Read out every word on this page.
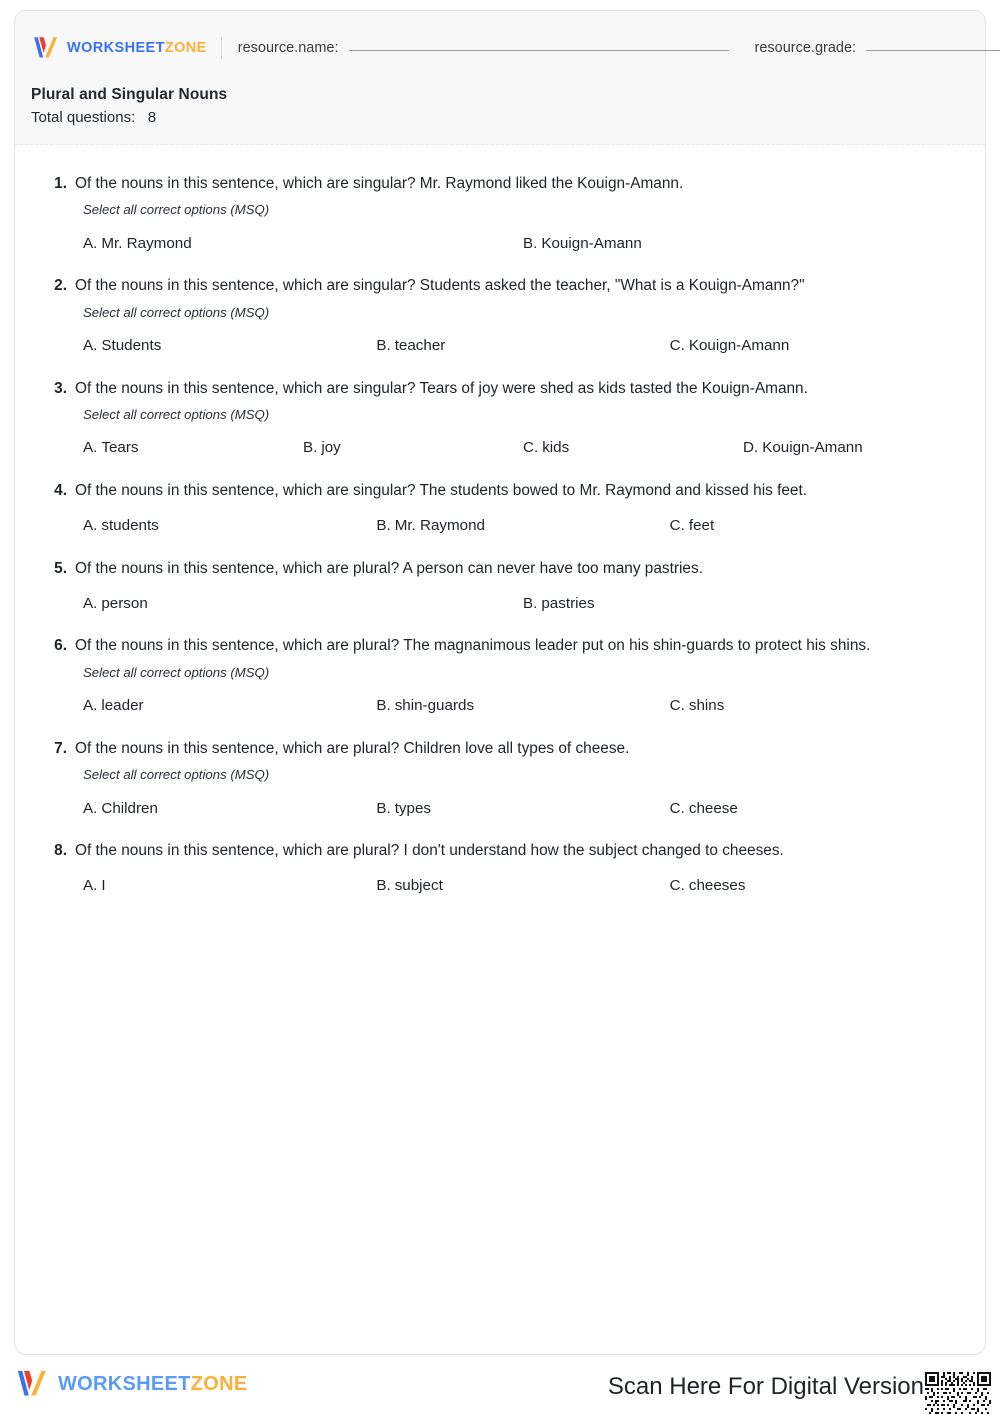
WORKSHEETZONE resource.name:	resource.grade:
Plural and Singular Nouns
Total questions:   8
1. Of the nouns in this sentence, which are singular? Mr. Raymond liked the Kouign-Amann.
Select all correct options (MSQ)
A. Mr. Raymond	B. Kouign-Amann
2. Of the nouns in this sentence, which are singular? Students asked the teacher, "What is a Kouign-Amann?"
Select all correct options (MSQ)
A. Students	B. teacher	C. Kouign-Amann
3. Of the nouns in this sentence, which are singular? Tears of joy were shed as kids tasted the Kouign-Amann.
Select all correct options (MSQ)
A. Tears	B. joy	C. kids	D. Kouign-Amann
4. Of the nouns in this sentence, which are singular? The students bowed to Mr. Raymond and kissed his feet.
A. students	B. Mr. Raymond	C. feet
5. Of the nouns in this sentence, which are plural? A person can never have too many pastries.
A. person	B. pastries
6. Of the nouns in this sentence, which are plural? The magnanimous leader put on his shin-guards to protect his shins.
Select all correct options (MSQ)
A. leader	B. shin-guards	C. shins
7. Of the nouns in this sentence, which are plural? Children love all types of cheese.
Select all correct options (MSQ)
A. Children	B. types	C. cheese
8. Of the nouns in this sentence, which are plural? I don't understand how the subject changed to cheeses.
A. I	B. subject	C. cheeses
WORKSHEETZONE	Scan Here For Digital Version
